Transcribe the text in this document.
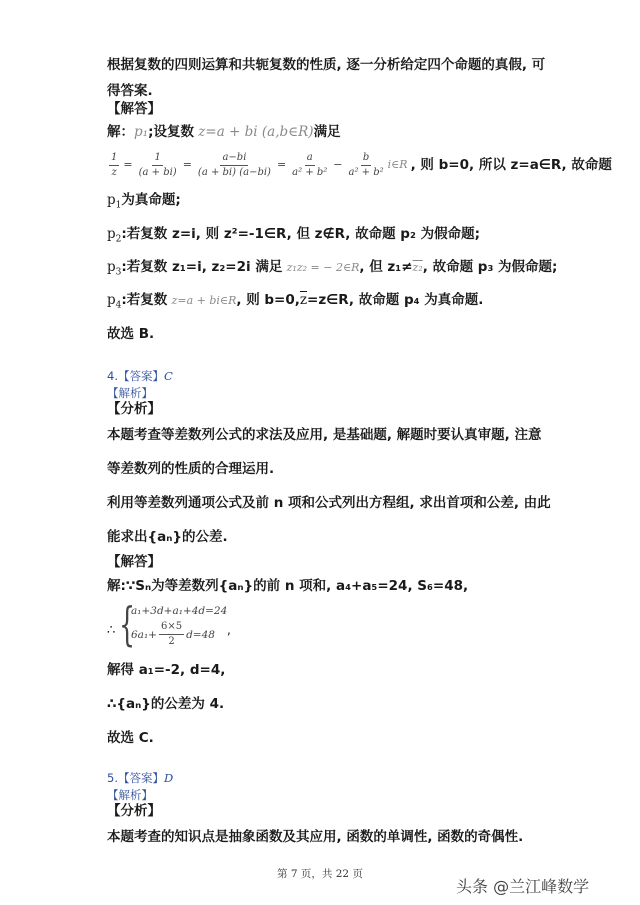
根据复数的四则运算和共轭复数的性质, 逐一分析给定四个命题的真假, 可
得答案.
【解答】
解：p₁;设复数 z=a + bi (a,b∈R)满足
$\frac{1}{z} = \frac{1}{(a + bi)} = \frac{a-bi}{(a + bi) (a-bi)} = \frac{a}{\text{a² + b²}} - \frac{b}{\text{a² + b²}}$ i∈R , 则 b=0, 所以 z=a∈R, 故命题
$p_1$为真命题;
$p_2$:若复数 z=i, 则 z²=-1∈R, 但 z∉R, 故命题 p₂ 为假命题;
$p_3$:若复数 z₁=i, z₂=2i 满足 z₁z₂ = − 2∈R, 但 z₁≠z₂, 故命题 p₃ 为假命题;
$p_4$:若复数 z=a + bi∈R, 则 $b=0,\overline{z}=z\in R$, 故命题 p₄ 为真命题.
故选 B.
4.【答案】C
【解析】
【分析】
本题考查等差数列公式的求法及应用, 是基础题, 解题时要认真审题, 注意
等差数列的性质的合理运用.
利用等差数列通项公式及前 n 项和公式列出方程组, 求出首项和公差, 由此
能求出{aₙ}的公差.
【解答】
解:∵Sₙ为等差数列{aₙ}的前 n 项和, a₄+a₅=24, S₆=48,
∴ {
a₁+3d+a₁+4d=24
$6a_1+ \frac{6\times 5}{2} d=48$ ,
解得 a₁=-2, d=4,
∴{aₙ}的公差为 4.
故选 C.
5.【答案】D
【解析】
【分析】
本题考查的知识点是抽象函数及其应用, 函数的单调性, 函数的奇偶性.
第 7 页，共 22 页
头条 @兰江峰数学
